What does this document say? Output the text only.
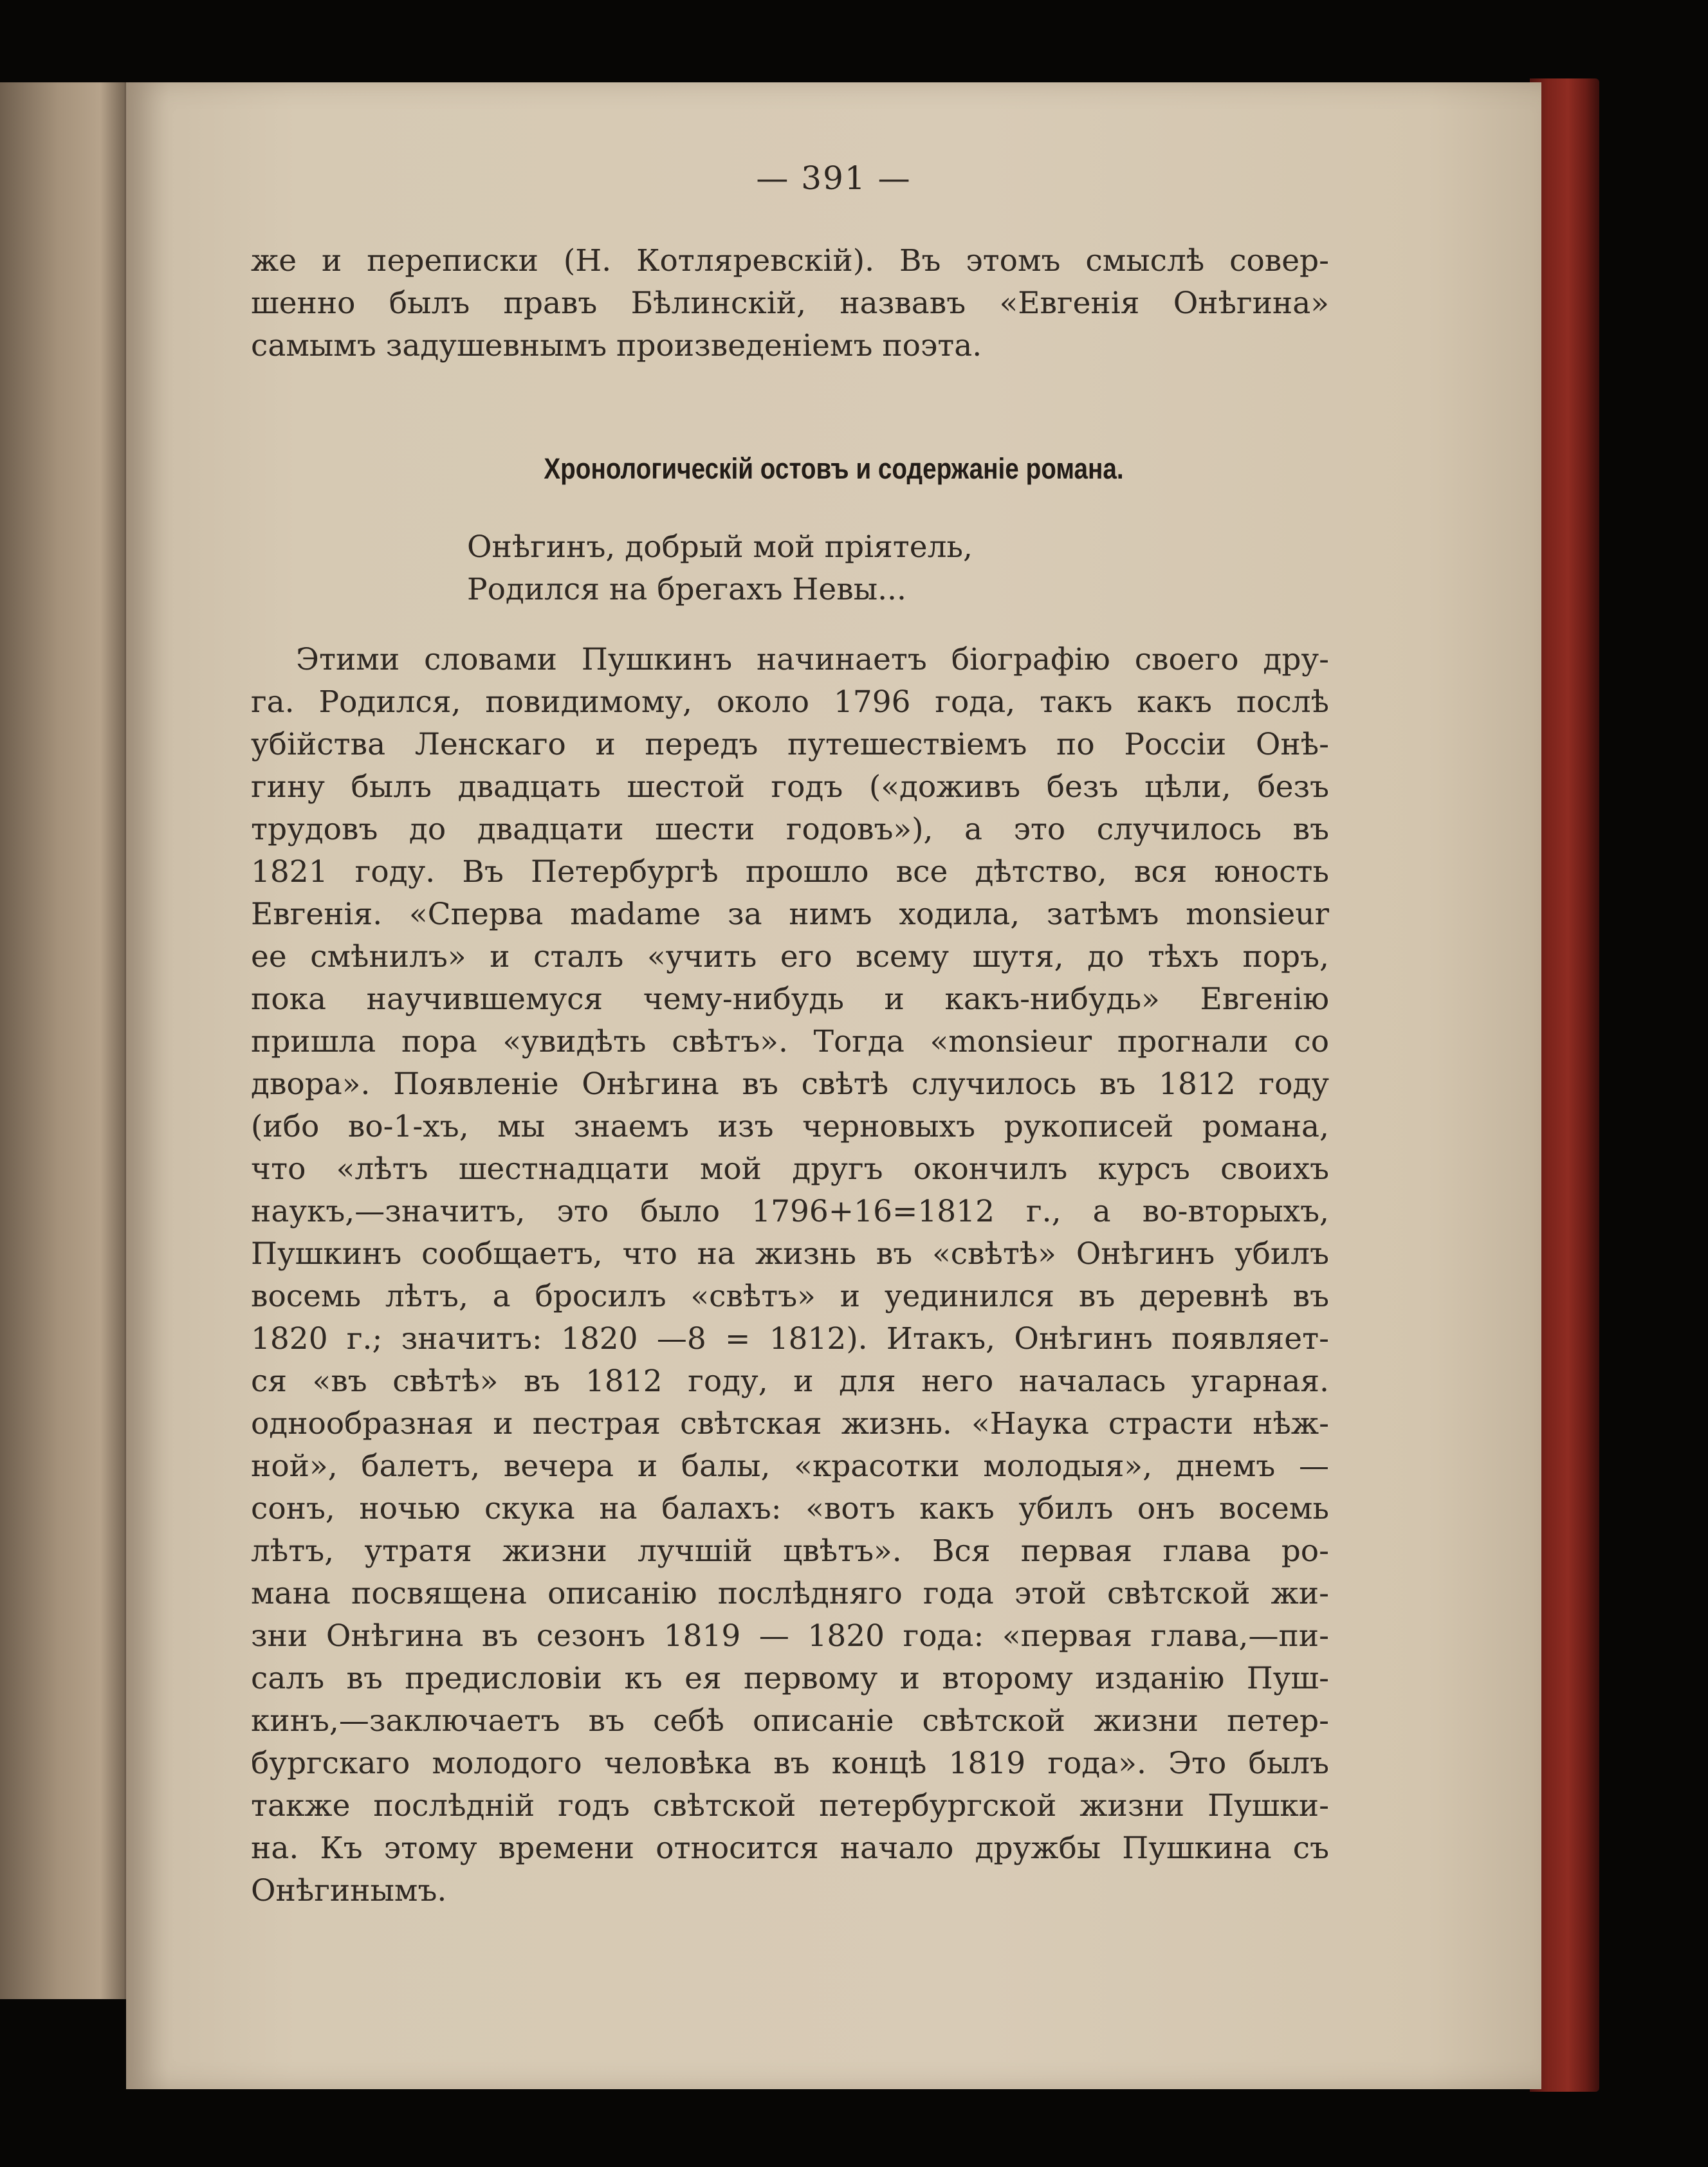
— 391 —
же и переписки (Н. Котляревскій). Въ этомъ смыслѣ совер-
шенно былъ правъ Бѣлинскій, назвавъ «Евгенія Онѣгина»
самымъ задушевнымъ произведеніемъ поэта.
Хронологическій остовъ и содержаніе романа.
Онѣгинъ, добрый мой пріятель,
Родился на брегахъ Невы...
Этими словами Пушкинъ начинаетъ біографію своего дру-
га. Родился, повидимому, около 1796 года, такъ какъ послѣ
убійства Ленскаго и передъ путешествіемъ по Россіи Онѣ-
гину былъ двадцать шестой годъ («доживъ безъ цѣли, безъ
трудовъ до двадцати шести годовъ»), а это случилось въ
1821 году. Въ Петербургѣ прошло все дѣтство, вся юность
Евгенія. «Сперва madame за нимъ ходила, затѣмъ monsieur
ее смѣнилъ» и сталъ «учить его всему шутя, до тѣхъ поръ,
пока научившемуся чему-нибудь и какъ-нибудь» Евгенію
пришла пора «увидѣть свѣтъ». Тогда «monsieur прогнали со
двора». Появленіе Онѣгина въ свѣтѣ случилось въ 1812 году
(ибо во-1-хъ, мы знаемъ изъ черновыхъ рукописей романа,
что «лѣтъ шестнадцати мой другъ окончилъ курсъ своихъ
наукъ,—значитъ, это было 1796+16=1812 г., а во-вторыхъ,
Пушкинъ сообщаетъ, что на жизнь въ «свѣтѣ» Онѣгинъ убилъ
восемь лѣтъ, а бросилъ «свѣтъ» и уединился въ деревнѣ въ
1820 г.; значитъ: 1820 —8 = 1812). Итакъ, Онѣгинъ появляет-
ся «въ свѣтѣ» въ 1812 году, и для него началась угарная.
однообразная и пестрая свѣтская жизнь. «Наука страсти нѣж-
ной», балетъ, вечера и балы, «красотки молодыя», днемъ —
сонъ, ночью скука на балахъ: «вотъ какъ убилъ онъ восемь
лѣтъ, утратя жизни лучшій цвѣтъ». Вся первая глава ро-
мана посвящена описанію послѣдняго года этой свѣтской жи-
зни Онѣгина въ сезонъ 1819 — 1820 года: «первая глава,—пи-
салъ въ предисловіи къ ея первому и второму изданію Пуш-
кинъ,—заключаетъ въ себѣ описаніе свѣтской жизни петер-
бургскаго молодого человѣка въ концѣ 1819 года». Это былъ
также послѣдній годъ свѣтской петербургской жизни Пушки-
на. Къ этому времени относится начало дружбы Пушкина съ
Онѣгинымъ.
